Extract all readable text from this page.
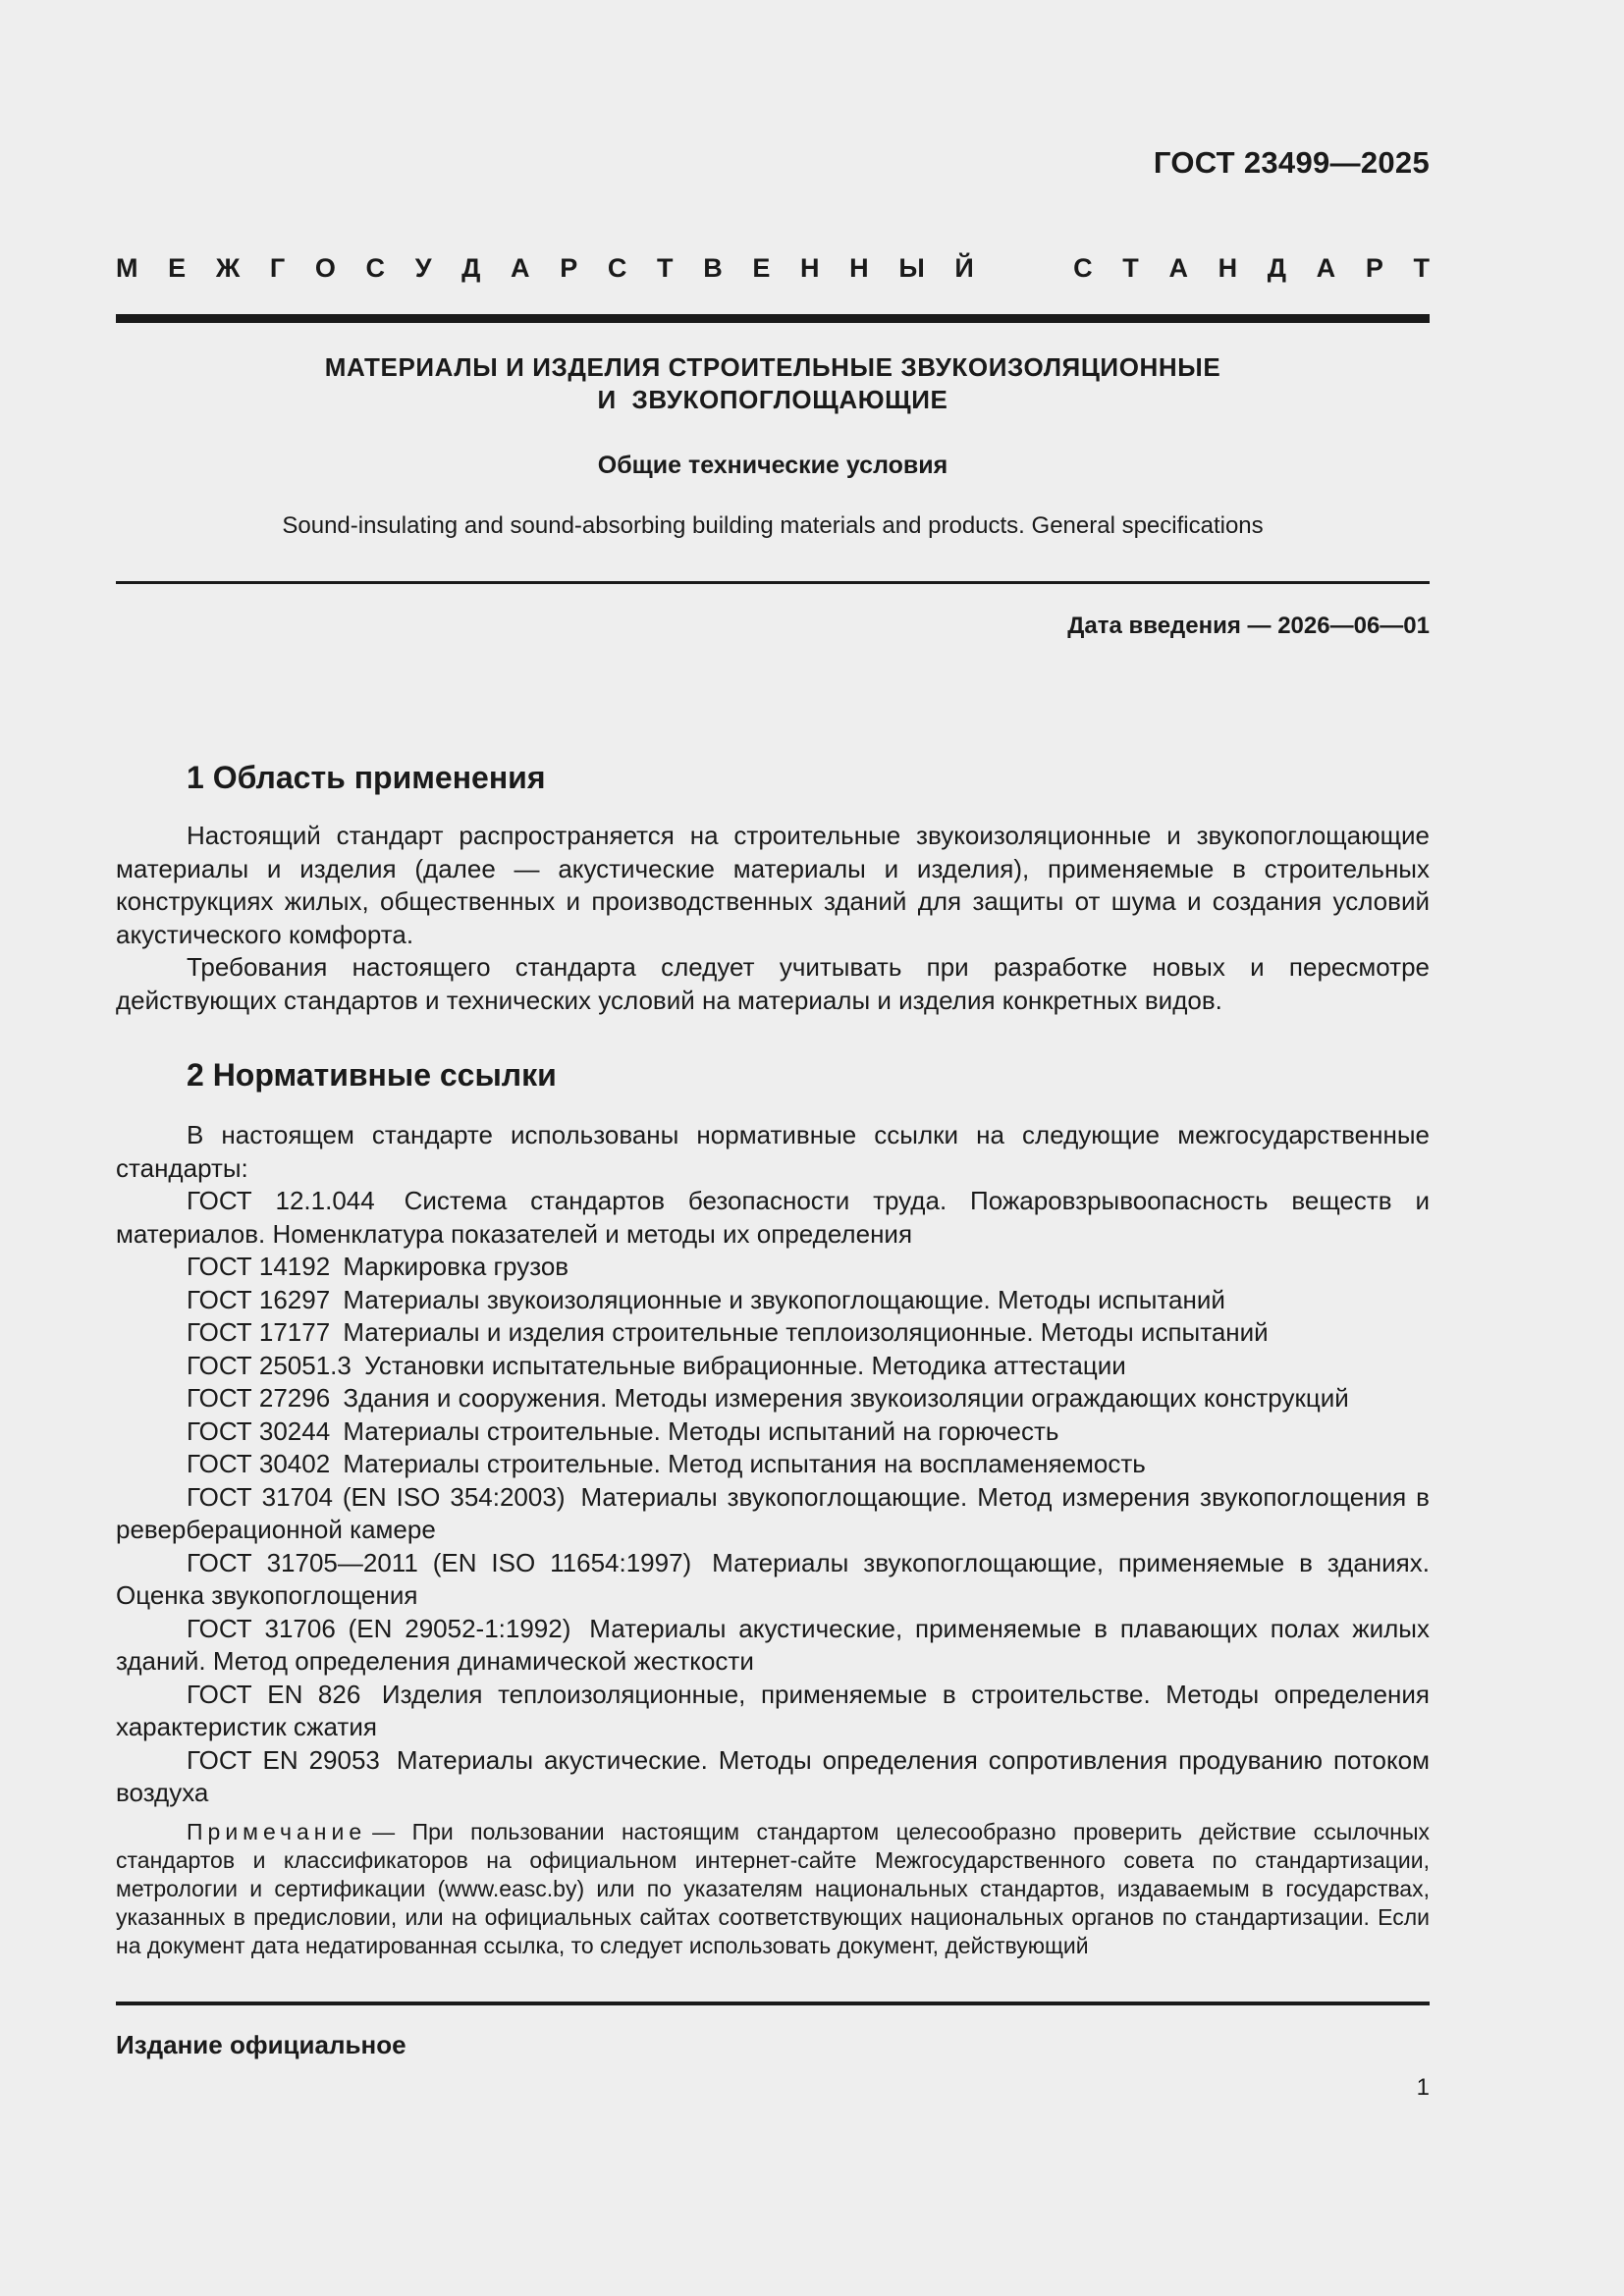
ГОСТ 23499—2025
М Е Ж Г О С У Д А Р С Т В Е Н Н Ы Й	С Т А Н Д А Р Т
МАТЕРИАЛЫ И ИЗДЕЛИЯ СТРОИТЕЛЬНЫЕ ЗВУКОИЗОЛЯЦИОННЫЕ
И  ЗВУКОПОГЛОЩАЮЩИЕ
Общие технические условия
Sound-insulating and sound-absorbing building materials and products. General specifications
Дата введения — 2026—06—01
1 Область применения

Настоящий стандарт распространяется на строительные звукоизоляционные и звукопоглощающие материалы и изделия (далее — акустические материалы и изделия), применяемые в строительных конструкциях жилых, общественных и производственных зданий для защиты от шума и создания условий акустического комфорта.

Требования настоящего стандарта следует учитывать при разработке новых и пересмотре действующих стандартов и технических условий на материалы и изделия конкретных видов.

2 Нормативные ссылки

В настоящем стандарте использованы нормативные ссылки на следующие межгосударственные стандарты:

ГОСТ 12.1.044 Система стандартов безопасности труда. Пожаровзрывоопасность веществ и материалов. Номенклатура показателей и методы их определения

ГОСТ 14192 Маркировка грузов

ГОСТ 16297 Материалы звукоизоляционные и звукопоглощающие. Методы испытаний

ГОСТ 17177 Материалы и изделия строительные теплоизоляционные. Методы испытаний

ГОСТ 25051.3 Установки испытательные вибрационные. Методика аттестации

ГОСТ 27296 Здания и сооружения. Методы измерения звукоизоляции ограждающих конструкций

ГОСТ 30244 Материалы строительные. Методы испытаний на горючесть

ГОСТ 30402 Материалы строительные. Метод испытания на воспламеняемость

ГОСТ 31704 (EN ISO 354:2003) Материалы звукопоглощающие. Метод измерения звукопоглощения в реверберационной камере

ГОСТ 31705—2011 (EN ISO 11654:1997) Материалы звукопоглощающие, применяемые в зданиях. Оценка звукопоглощения

ГОСТ 31706 (EN 29052-1:1992) Материалы акустические, применяемые в плавающих полах жилых зданий. Метод определения динамической жесткости

ГОСТ EN 826 Изделия теплоизоляционные, применяемые в строительстве. Методы определения характеристик сжатия

ГОСТ EN 29053 Материалы акустические. Методы определения сопротивления продуванию потоком воздуха

Примечание — При пользовании настоящим стандартом целесообразно проверить действие ссылочных стандартов и классификаторов на официальном интернет-сайте Межгосударственного совета по стандартизации, метрологии и сертификации (www.easc.by) или по указателям национальных стандартов, издаваемым в государствах, указанных в предисловии, или на официальных сайтах соответствующих национальных органов по стандартизации. Если на документ дата недатированная ссылка, то следует использовать документ, действующий

Издание официальное
1
